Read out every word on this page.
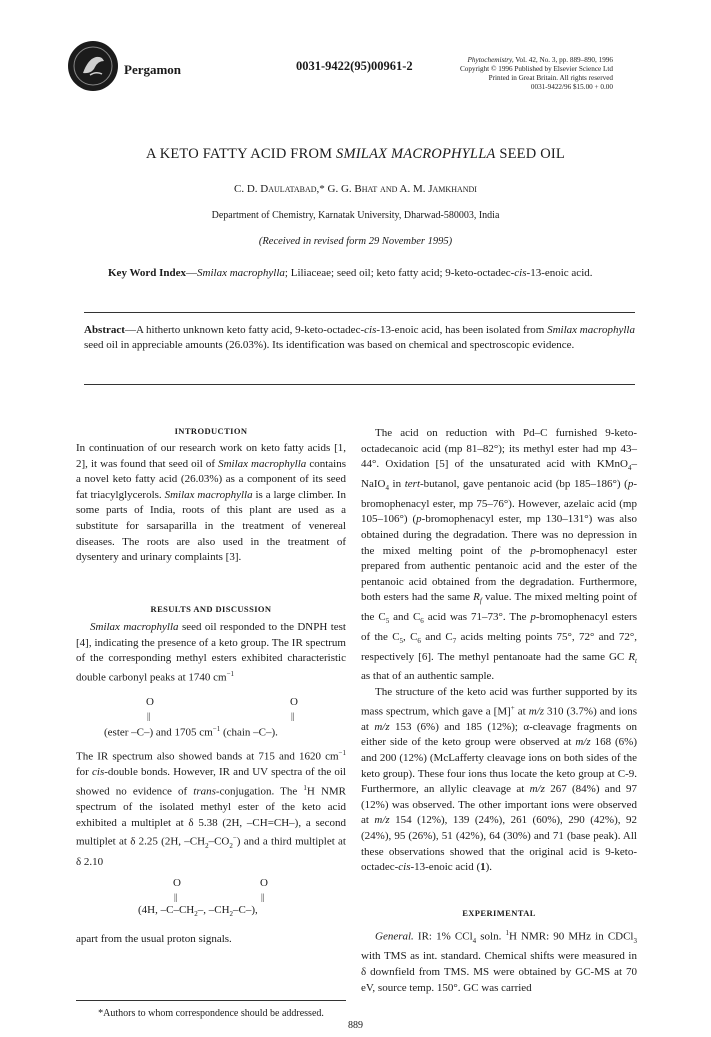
Pergamon	0031-9422(95)00961-2	Phytochemistry, Vol. 42, No. 3, pp. 889–890, 1996
Copyright © 1996 Published by Elsevier Science Ltd
Printed in Great Britain. All rights reserved
0031-9422/96 $15.00 + 0.00
A KETO FATTY ACID FROM SMILAX MACROPHYLLA SEED OIL
C. D. Daulatabad,* G. G. Bhat and A. M. Jamkhandi
Department of Chemistry, Karnatak University, Dharwad-580003, India
(Received in revised form 29 November 1995)
Key Word Index—Smilax macrophylla; Liliaceae; seed oil; keto fatty acid; 9-keto-octadec-cis-13-enoic acid.
Abstract—A hitherto unknown keto fatty acid, 9-keto-octadec-cis-13-enoic acid, has been isolated from Smilax macrophylla seed oil in appreciable amounts (26.03%). Its identification was based on chemical and spectroscopic evidence.
INTRODUCTION

In continuation of our research work on keto fatty acids [1, 2], it was found that seed oil of Smilax macrophylla contains a novel keto fatty acid (26.03%) as a component of its seed fat triacylglycerols. Smilax macrophylla is a large climber. In some parts of India, roots of this plant are used as a substitute for sarsaparilla in the treatment of venereal diseases. The roots are also used in the treatment of dysentery and urinary complaints [3].

RESULTS AND DISCUSSION

Smilax macrophylla seed oil responded to the DNPH test [4], indicating the presence of a keto group. The IR spectrum of the corresponding methyl esters exhibited characteristic double carbonyl peaks at 1740 $cm^{-1}$

O	O
||	||
(ester –C–) and 1705 $cm^{-1}$ (chain –C–).

The IR spectrum also showed bands at 715 and 1620 $cm^{-1}$ for cis-double bonds. However, IR and UV spectra of the oil showed no evidence of trans-conjugation. The $^1$H NMR spectrum of the isolated methyl ester of the keto acid exhibited a multiplet at δ 5.38 (2H, –CH=CH–), a second multiplet at δ 2.25 (2H, $-CH_2-CO_2^-$) and a third multiplet at δ 2.10

O	O
||	||
(4H, $-C-CH_2-$, $-CH_2-C-$),
apart from the usual proton signals.
*Authors to whom correspondence should be addressed.

The acid on reduction with Pd–C furnished 9-keto-octadecanoic acid (mp 81–82°); its methyl ester had mp 43–44°. Oxidation [5] of the unsaturated acid with KMnO$_4$–NaIO$_4$ in tert-butanol, gave pentanoic acid (bp 185–186°) (p-bromophenacyl ester, mp 75–76°). However, azelaic acid (mp 105–106°) (p-bromophenacyl ester, mp 130–131°) was also obtained during the degradation. There was no depression in the mixed melting point of the p-bromophenacyl ester prepared from authentic pentanoic acid and the ester of the pentanoic acid obtained from the degradation. Furthermore, both esters had the same $R_f$ value. The mixed melting point of the $C_5$ and $C_6$ acid was 71–73°. The p-bromophenacyl esters of the $C_5$, $C_6$ and $C_7$ acids melting points 75°, 72° and 72°, respectively [6]. The methyl pentanoate had the same GC $R_t$ as that of an authentic sample.

The structure of the keto acid was further supported by its mass spectrum, which gave a [M]+ at m/z 310 (3.7%) and ions at m/z 153 (6%) and 185 (12%); α-cleavage fragments on either side of the keto group were observed at m/z 168 (6%) and 200 (12%) (McLafferty cleavage ions on both sides of the keto group). These four ions thus locate the keto group at C-9. Furthermore, an allylic cleavage at m/z 267 (84%) and 97 (12%) was observed. The other important ions were observed at m/z 154 (12%), 139 (24%), 261 (60%), 290 (42%), 92 (24%), 95 (26%), 51 (42%), 64 (30%) and 71 (base peak). All these observations showed that the original acid is 9-keto-octadec-cis-13-enoic acid (1).

EXPERIMENTAL

General. IR: 1% CCl$_4$ soln. $^1$H NMR: 90 MHz in CDCl$_3$ with TMS as int. standard. Chemical shifts were measured in δ downfield from TMS. MS were obtained by GC-MS at 70 eV, source temp. 150°. GC was carried

889
